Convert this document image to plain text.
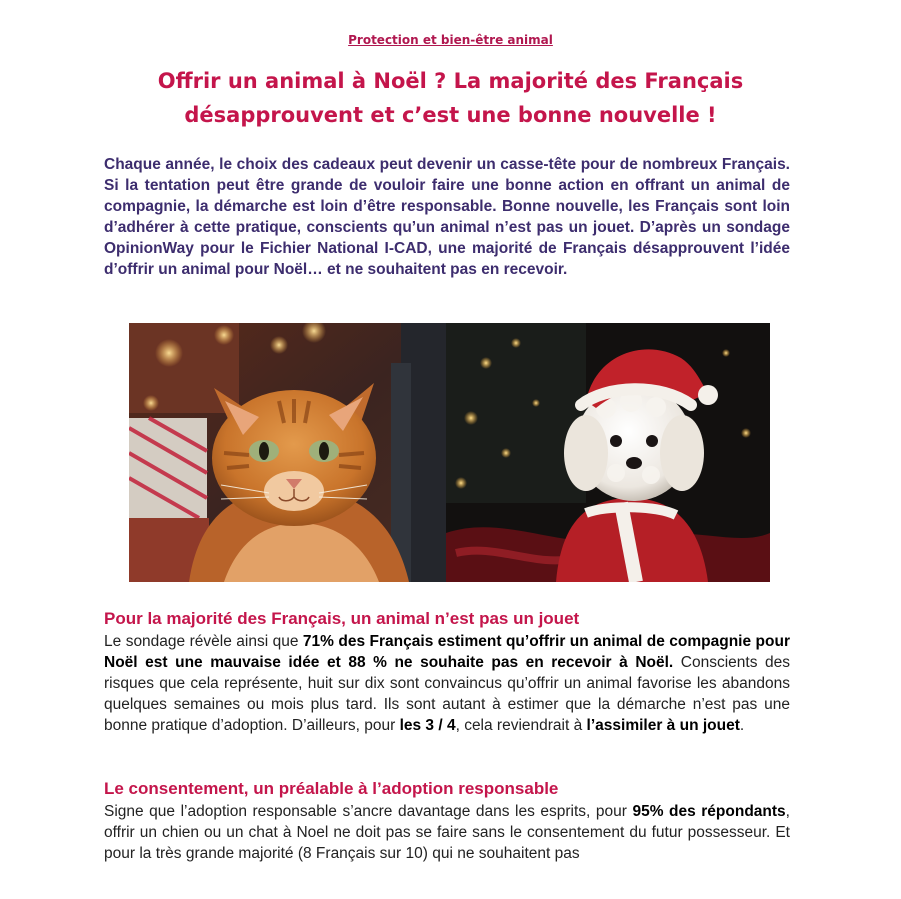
Protection et bien-être animal
Offrir un animal à Noël ? La majorité des Français
désapprouvent et c’est une bonne nouvelle !

Chaque année, le choix des cadeaux peut devenir un casse-tête pour de nombreux Français. Si la tentation peut être grande de vouloir faire une bonne action en offrant un animal de compagnie, la démarche est loin d’être responsable. Bonne nouvelle, les Français sont loin d’adhérer à cette pratique, conscients qu’un animal n’est pas un jouet. D’après un sondage OpinionWay pour le Fichier National I-CAD, une majorité de Français désapprouvent l’idée d’offrir un animal pour Noël… et ne souhaitent pas en recevoir.

Pour la majorité des Français, un animal n’est pas un jouet

Le sondage révèle ainsi que 71% des Français estiment qu’offrir un animal de compagnie pour Noël est une mauvaise idée et 88 % ne souhaite pas en recevoir à Noël. Conscients des risques que cela représente, huit sur dix sont convaincus qu’offrir un animal favorise les abandons quelques semaines ou mois plus tard. Ils sont autant à estimer que la démarche n’est pas une bonne pratique d’adoption. D’ailleurs, pour les 3 / 4, cela reviendrait à l’assimiler à un jouet.

Le consentement, un préalable à l’adoption responsable

Signe que l’adoption responsable s’ancre davantage dans les esprits, pour 95% des répondants, offrir un chien ou un chat à Noel ne doit pas se faire sans le consentement du futur possesseur. Et pour la très grande majorité (8 Français sur 10) qui ne souhaitent pas
